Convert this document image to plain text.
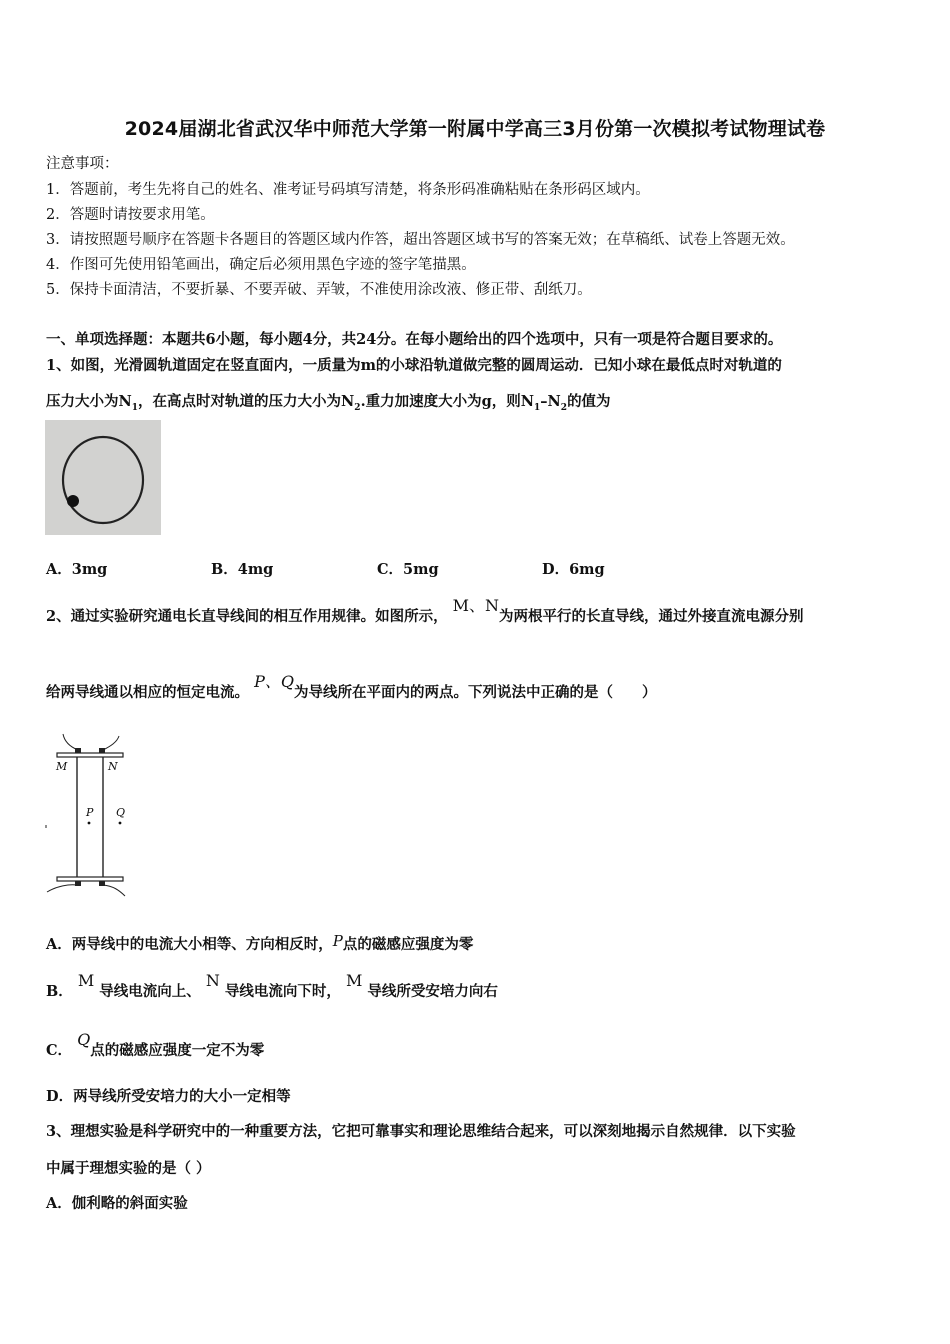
2024届湖北省武汉华中师范大学第一附属中学高三3月份第一次模拟考试物理试卷
注意事项：
1．答题前，考生先将自己的姓名、准考证号码填写清楚，将条形码准确粘贴在条形码区域内。
2．答题时请按要求用笔。
3．请按照题号顺序在答题卡各题目的答题区域内作答，超出答题区域书写的答案无效；在草稿纸、试卷上答题无效。
4．作图可先使用铅笔画出，确定后必须用黑色字迹的签字笔描黑。
5．保持卡面清洁，不要折暴、不要弄破、弄皱，不准使用涂改液、修正带、刮纸刀。
一、单项选择题：本题共6小题，每小题4分，共24分。在每小题给出的四个选项中，只有一项是符合题目要求的。
1、如图，光滑圆轨道固定在竖直面内，一质量为m的小球沿轨道做完整的圆周运动．已知小球在最低点时对轨道的
压力大小为$N_1$，在高点时对轨道的压力大小为$N_2$.重力加速度大小为g，则$N_1-N_2$的值为
A．3mg	B．4mg	C．5mg	D．6mg
2、通过实验研究通电长直导线间的相互作用规律。如图所示， M、N为两根平行的长直导线，通过外接直流电源分别
给两导线通以相应的恒定电流。 P、Q为导线所在平面内的两点。下列说法中正确的是（　　）
M	N
P Q
A．两导线中的电流大小相等、方向相反时，P点的磁感应强度为零
B． M 导线电流向上、 N 导线电流向下时， M 导线所受安培力向右
C． Q点的磁感应强度一定不为零
D．两导线所受安培力的大小一定相等
3、理想实验是科学研究中的一种重要方法，它把可靠事实和理论思维结合起来，可以深刻地揭示自然规律．以下实验
中属于理想实验的是（ ）
A．伽利略的斜面实验
